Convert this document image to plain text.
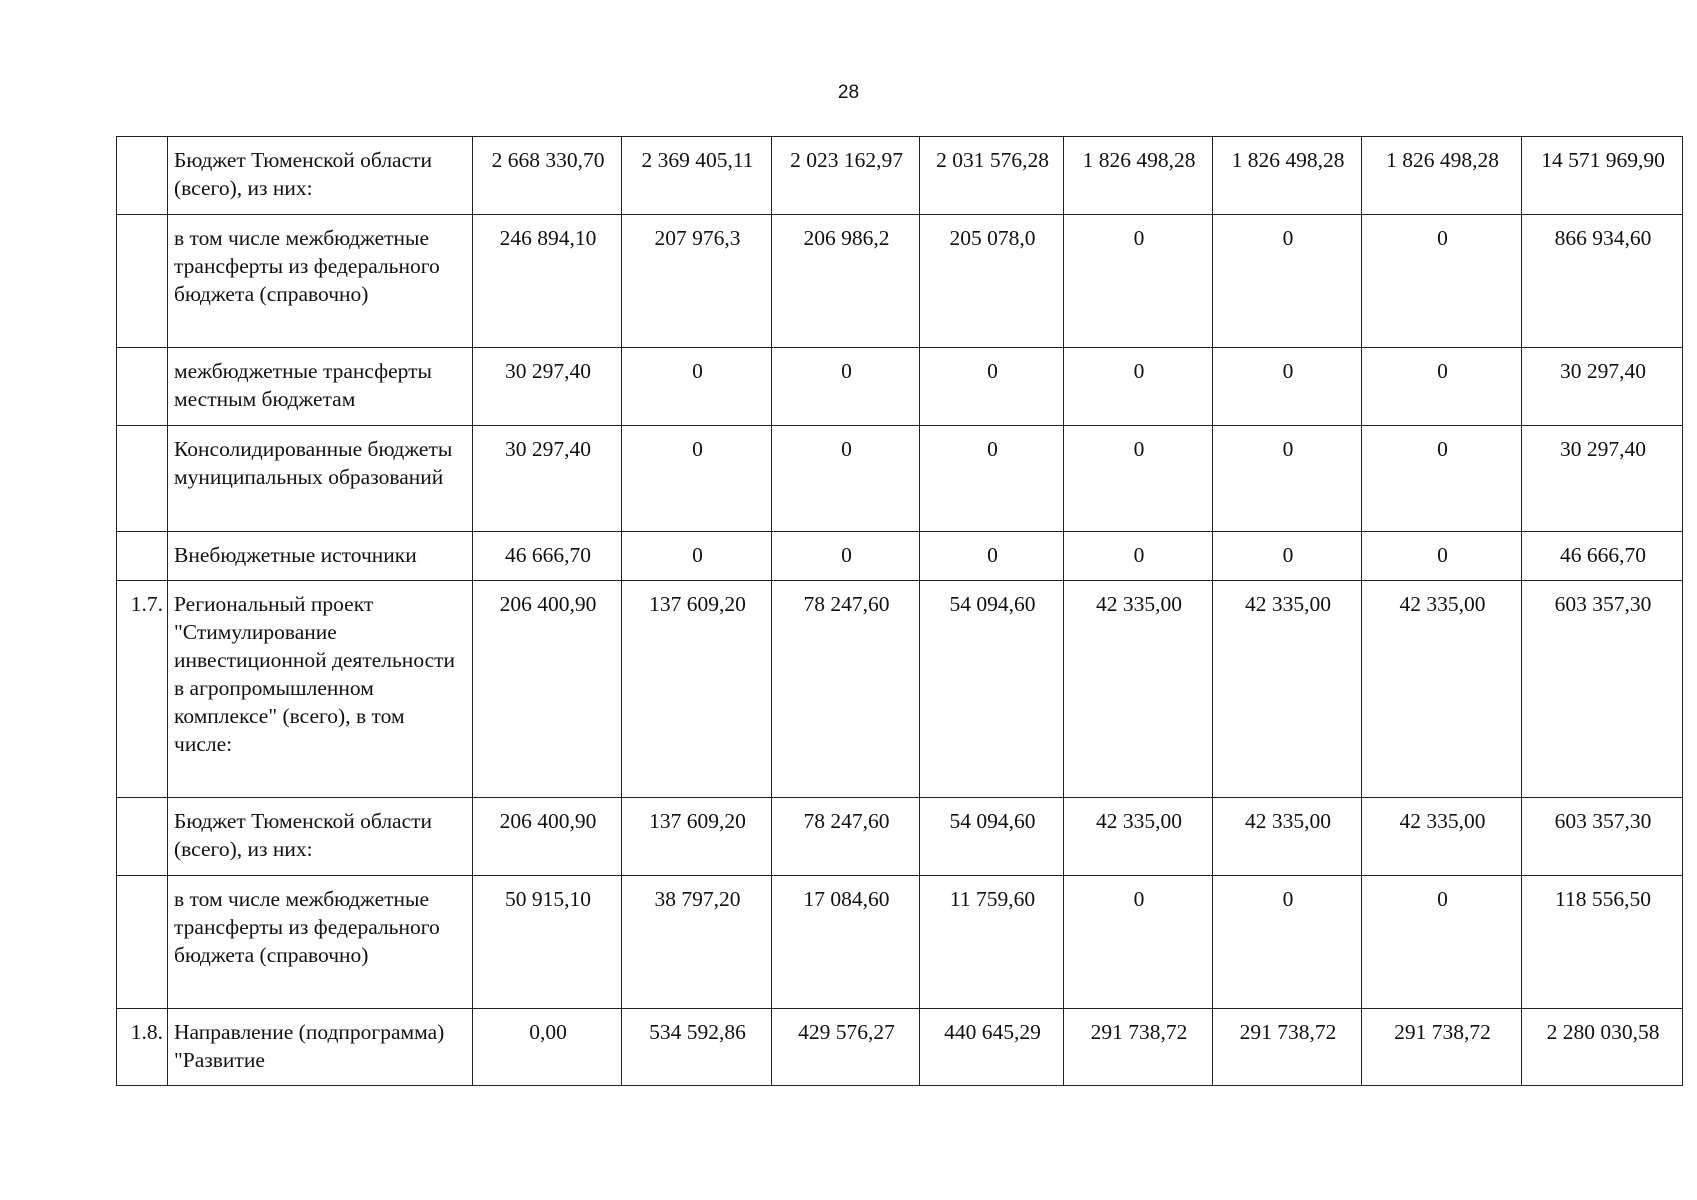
28
	Бюджет Тюменской области (всего), из них:	2 668 330,70	2 369 405,11	2 023 162,97	2 031 576,28	1 826 498,28	1 826 498,28	1 826 498,28	14 571 969,90
	в том числе межбюджетные трансферты из федерального бюджета (справочно)	246 894,10	207 976,3	206 986,2	205 078,0	0	0	0	866 934,60
	межбюджетные трансферты местным бюджетам	30 297,40	0	0	0	0	0	0	30 297,40
	Консолидированные бюджеты муниципальных образований	30 297,40	0	0	0	0	0	0	30 297,40
	Внебюджетные источники	46 666,70	0	0	0	0	0	0	46 666,70
1.7.	Региональный проект "Стимулирование инвестиционной деятельности в агропромышленном комплексе" (всего), в том числе:	206 400,90	137 609,20	78 247,60	54 094,60	42 335,00	42 335,00	42 335,00	603 357,30
	Бюджет Тюменской области (всего), из них:	206 400,90	137 609,20	78 247,60	54 094,60	42 335,00	42 335,00	42 335,00	603 357,30
	в том числе межбюджетные трансферты из федерального бюджета (справочно)	50 915,10	38 797,20	17 084,60	11 759,60	0	0	0	118 556,50
1.8.	Направление (подпрограмма) "Развитие	0,00	534 592,86	429 576,27	440 645,29	291 738,72	291 738,72	291 738,72	2 280 030,58
